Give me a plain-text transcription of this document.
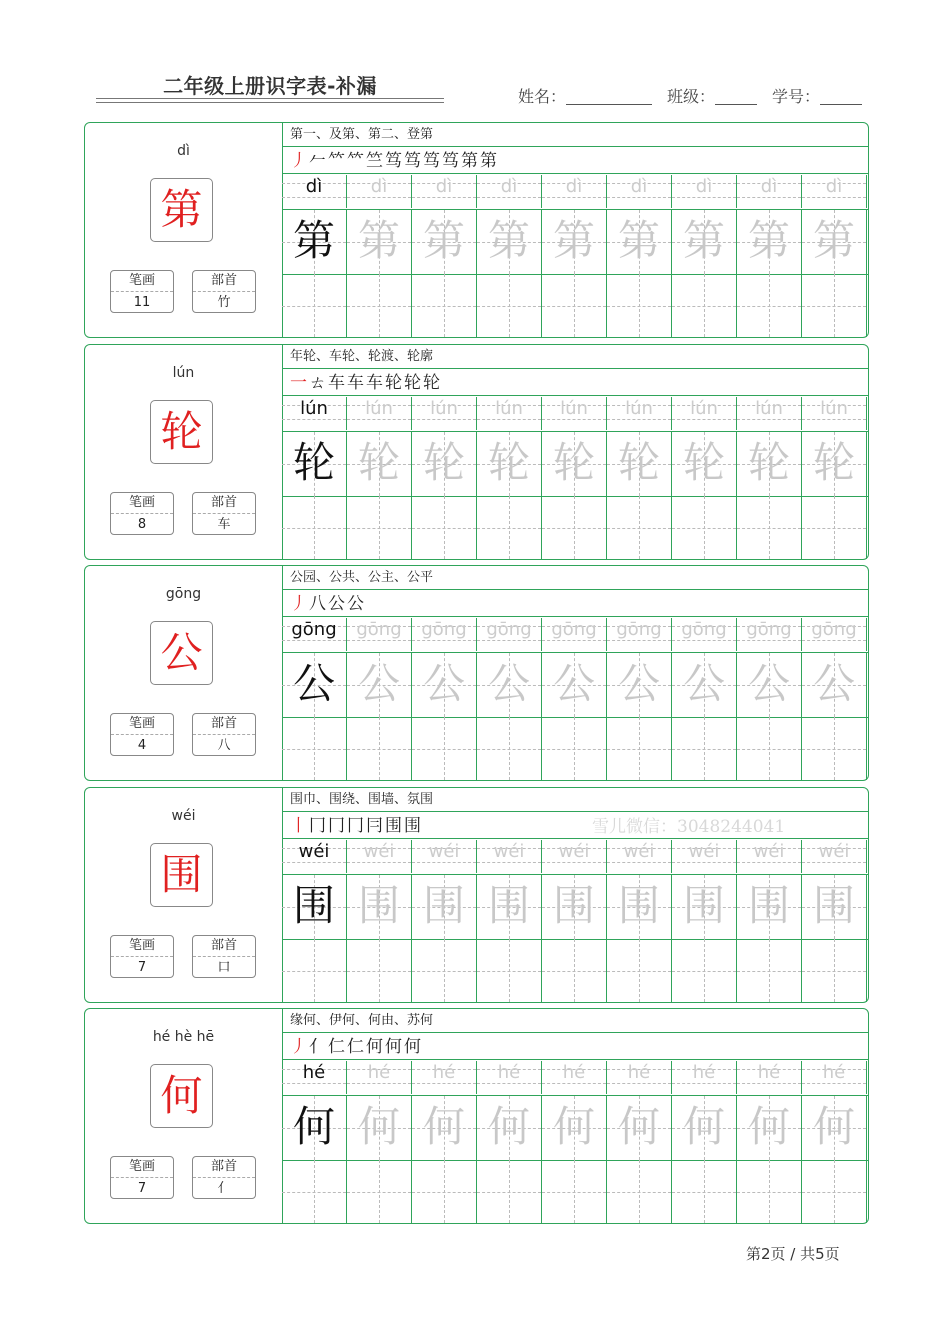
二年级上册识字表-补漏	姓名：	班级：	学号：
dì
第
笔画
11
部首
竹
第一、及第、第二、登第
丿 𠂉 𥫗 𥫗 竺 笃 笃 笃 笃 第 第
dì	dì	dì	dì	dì	dì	dì	dì	dì
第 第 第 第 第 第 第 第 第
lún
轮
笔画
8
部首
车
年轮、车轮、轮渡、轮廓
一 ㄊ 车 车 车 轮 轮 轮
lún	lún	lún	lún	lún	lún	lún	lún	lún
轮 轮 轮 轮 轮 轮 轮 轮 轮
gōng
公
笔画
4
部首
八
公园、公共、公主、公平
丿 八 公 公
gōng	gōng	gōng	gōng	gōng	gōng	gōng	gōng	gōng
公 公 公 公 公 公 公 公 公
wéi
围
笔画
7
部首
口
围巾、围绕、围墙、氛围
丨 冂 冂 冂 冃 围 围
wéi	wéi	wéi	wéi	wéi	wéi	wéi	wéi	wéi
围 围 围 围 围 围 围 围 围
hé hè hē
何
笔画
7
部首
亻
缘何、伊何、何由、苏何
丿 亻 仁 仁 何 何 何
hé	hé	hé	hé	hé	hé	hé	hé	hé
何 何 何 何 何 何 何 何 何
雪儿微信：3048244041
第2页 / 共5页
